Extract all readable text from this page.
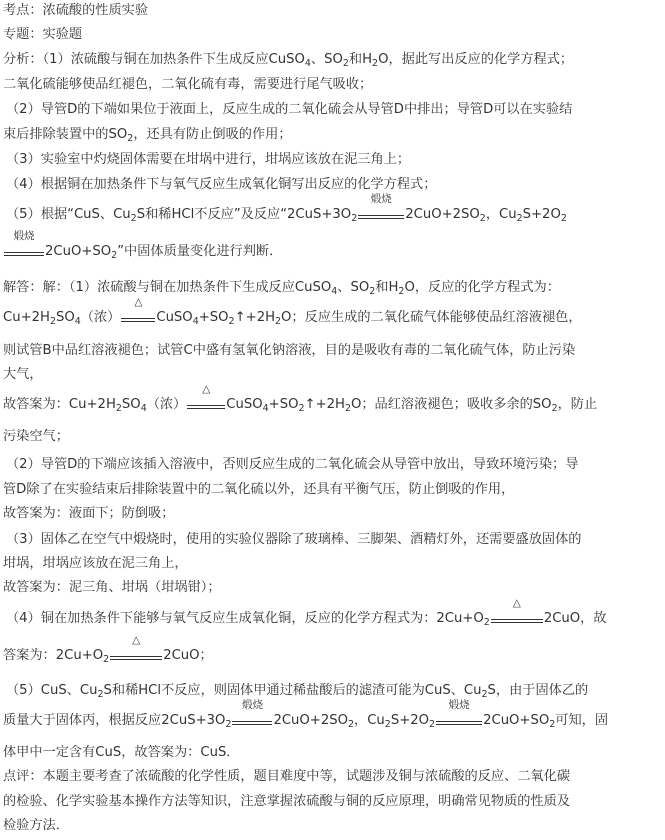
考点：浓硫酸的性质实验
专题：实验题
分析：（1）浓硫酸与铜在加热条件下生成反应CuSO$_4$、$SO_2$和$H_2O$，据此写出反应的化学方程式；
二氧化硫能够使品红褪色，二氧化硫有毒，需要进行尾气吸收；
（2）导管D的下端如果位于液面上，反应生成的二氧化硫会从导管D中排出；导管D可以在实验结
束后排除装置中的$SO_2$，还具有防止倒吸的作用；
（3）实验室中灼烧固体需要在坩埚中进行，坩埚应该放在泥三角上；
（4）根据铜在加热条件下与氧气反应生成氧化铜写出反应的化学方程式；
（5）根据“CuS、$Cu_2S$和稀HCl不反应”及反应“$2CuS+3O_2$
煅烧
$2CuO+2SO_2$，$Cu_2S+2O_2$
煅烧
$2CuO+SO_2$”中固体质量变化进行判断．
解答：解：（1）浓硫酸与铜在加热条件下生成反应CuSO$_4$、$SO_2$和$H_2O$，反应的化学方程式为：
$Cu+2H_2SO_4$（浓）
△
$CuSO_4+SO_2↑+2H_2O$；反应生成的二氧化硫气体能够使品红溶液褪色，
则试管B中品红溶液褪色；试管C中盛有氢氧化钠溶液，目的是吸收有毒的二氧化硫气体，防止污染
大气，
故答案为：$Cu+2H_2SO_4$（浓）
△
$CuSO_4+SO_2↑+2H_2O$；品红溶液褪色；吸收多余的$SO_2$，防止
污染空气；
（2）导管D的下端应该插入溶液中，否则反应生成的二氧化硫会从导管中放出，导致环境污染；导
管D除了在实验结束后排除装置中的二氧化硫以外，还具有平衡气压，防止倒吸的作用，
故答案为：液面下；防倒吸；
（3）固体乙在空气中煅烧时，使用的实验仪器除了玻璃棒、三脚架、酒精灯外，还需要盛放固体的
坩埚，坩埚应该放在泥三角上，
故答案为：泥三角、坩埚（坩埚钳）；
（4）铜在加热条件下能够与氧气反应生成氧化铜，反应的化学方程式为：$2Cu+O_2$
△
2CuO，故
答案为：$2Cu+O_2$
△
2CuO；
（5）CuS、$Cu_2S$和稀HCl不反应，则固体甲通过稀盐酸后的滤渣可能为CuS、$Cu_2S$，由于固体乙的
质量大于固体丙，根据反应$2CuS+3O_2$
煅烧
$2CuO+2SO_2$，$Cu_2S+2O_2$
煅烧
$2CuO+SO_2$可知，固
体甲中一定含有CuS，故答案为：CuS．
点评：本题主要考查了浓硫酸的化学性质，题目难度中等，试题涉及铜与浓硫酸的反应、二氧化碳
的检验、化学实验基本操作方法等知识，注意掌握浓硫酸与铜的反应原理，明确常见物质的性质及
检验方法．
